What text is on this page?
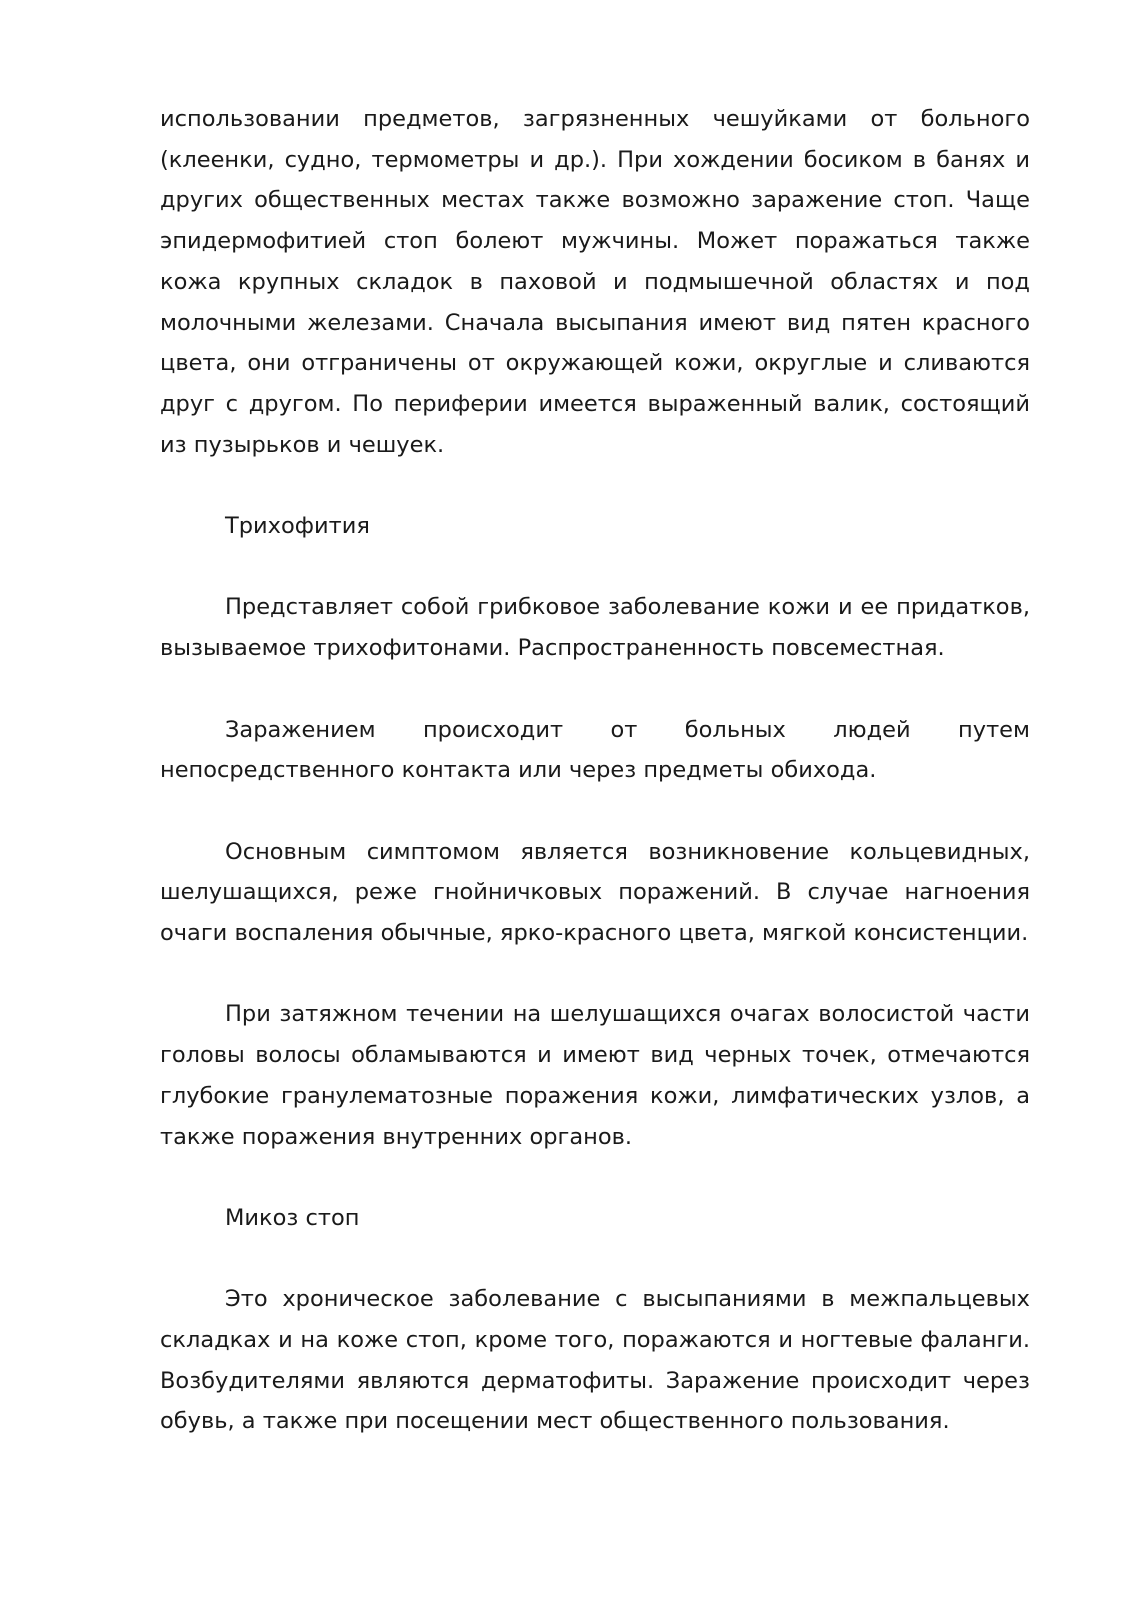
использовании предметов, загрязненных чешуйками от больного (клеенки, судно, термометры и др.). При хождении босиком в банях и других общественных местах также возможно заражение стоп. Чаще эпидермофитией стоп болеют мужчины. Может поражаться также кожа крупных складок в паховой и подмышечной областях и под молочными железами. Сначала высыпания имеют вид пятен красного цвета, они отграничены от окружающей кожи, округлые и сливаются друг с другом. По периферии имеется выраженный валик, состоящий из пузырьков и чешуек.

Трихофития

Представляет собой грибковое заболевание кожи и ее придатков, вызываемое трихофитонами. Распространенность повсеместная.

Заражением происходит от больных людей путем непосредственного контакта или через предметы обихода.

Основным симптомом является возникновение кольцевидных, шелушащихся, реже гнойничковых поражений. В случае нагноения очаги воспаления обычные, ярко-красного цвета, мягкой консистенции.

При затяжном течении на шелушащихся очагах волосистой части головы волосы обламываются и имеют вид черных точек, отмечаются глубокие гранулематозные поражения кожи, лимфатических узлов, а также поражения внутренних органов.

Микоз стоп

Это хроническое заболевание с высыпаниями в межпальцевых складках и на коже стоп, кроме того, поражаются и ногтевые фаланги. Возбудителями являются дерматофиты. Заражение происходит через обувь, а также при посещении мест общественного пользования.
